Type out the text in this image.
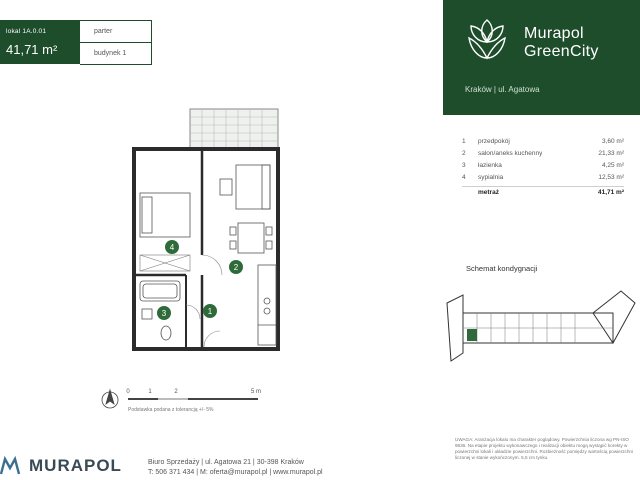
lokal 1A.0.01
41,71 m²
parter
budynek 1
Murapol
GreenCity
Kraków | ul. Agatowa
1 przedpokój	3,60 m²
2 salon/aneks kuchenny	21,33 m²
3 łazienka	4,25 m²
4 sypialnia	12,53 m²
metraż	41,71 m²
4
2
3	1
0	1	2	5 m
Podstawka podana z tolerancją +/- 5%
Schemat kondygnacji
UWAGA: Aranżacja lokalu ma charakter poglądowy. Powierzchnia liczona wg PN-ISO 9836. Na etapie projektu wykonawczego i realizacji obiektu mogą wystąpić korekty w powierzchni lokali i układzie powierzchni. Rozbieżność pomiędzy wartością powierzchni liczonej w stanie wykończonym. 5,5 cm tynku.
MURAPOL	Biuro Sprzedaży | ul. Agatowa 21 | 30-398 Kraków
T: 506 371 434 | M: oferta@murapol.pl | www.murapol.pl
